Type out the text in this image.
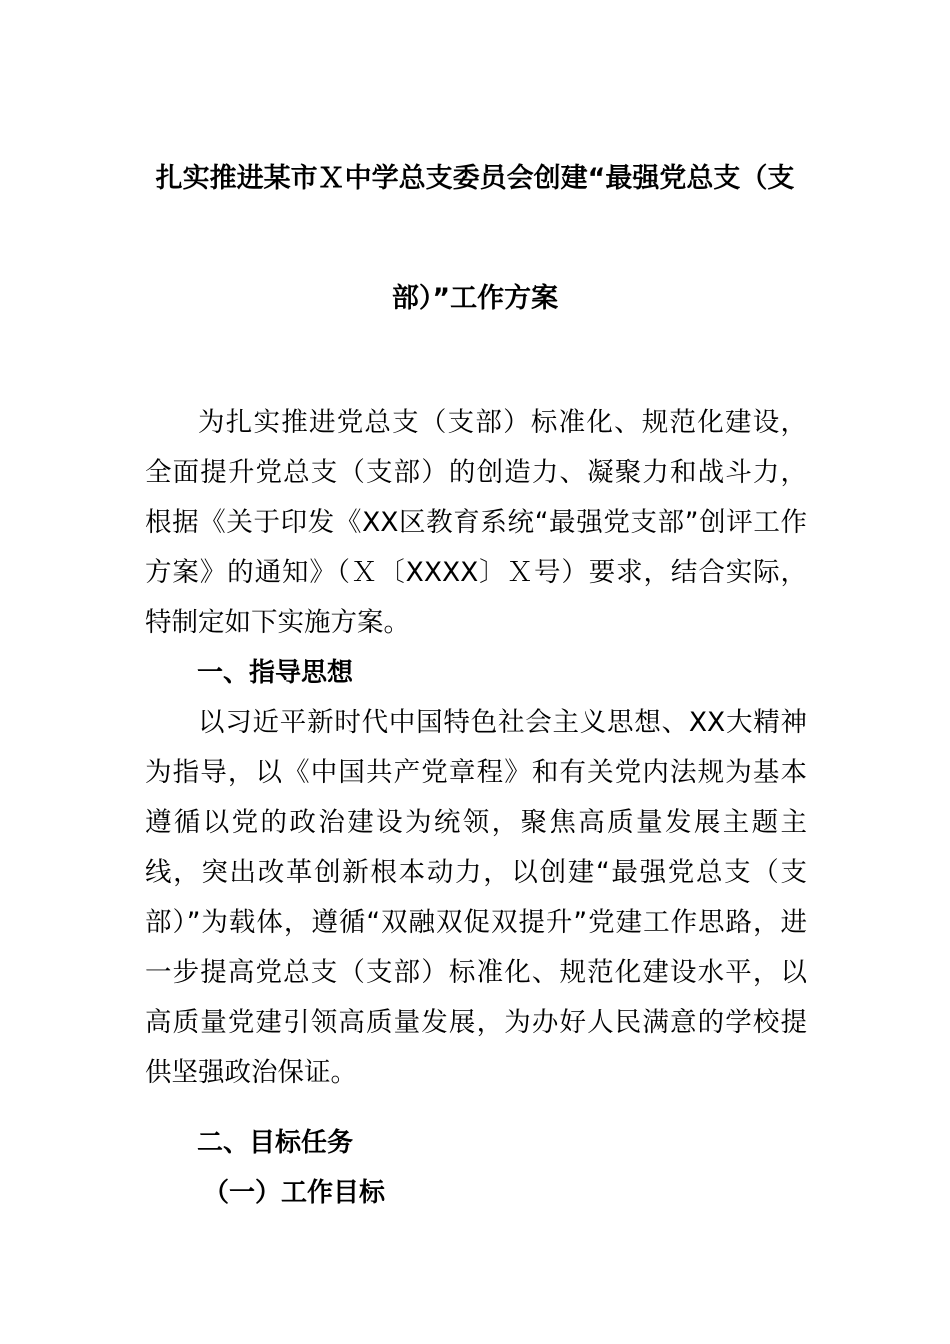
扎实推进某市Ｘ中学总支委员会创建“最强党总支（支
部）”工作方案

为扎实推进党总支（支部）标准化、规范化建设，全面提升党总支（支部）的创造力、凝聚力和战斗力，根据《关于印发《XX区教育系统“最强党支部”创评工作方案》的通知》（Ｘ〔XXXX〕Ｘ号）要求，结合实际，特制定如下实施方案。

一、指导思想

以习近平新时代中国特色社会主义思想、XX大精神为指导，以《中国共产党章程》和有关党内法规为基本遵循以党的政治建设为统领，聚焦高质量发展主题主线，突出改革创新根本动力，以创建“最强党总支（支部）”为载体，遵循“双融双促双提升”党建工作思路，进一步提高党总支（支部）标准化、规范化建设水平，以高质量党建引领高质量发展，为办好人民满意的学校提供坚强政治保证。

二、目标任务

（一）工作目标
